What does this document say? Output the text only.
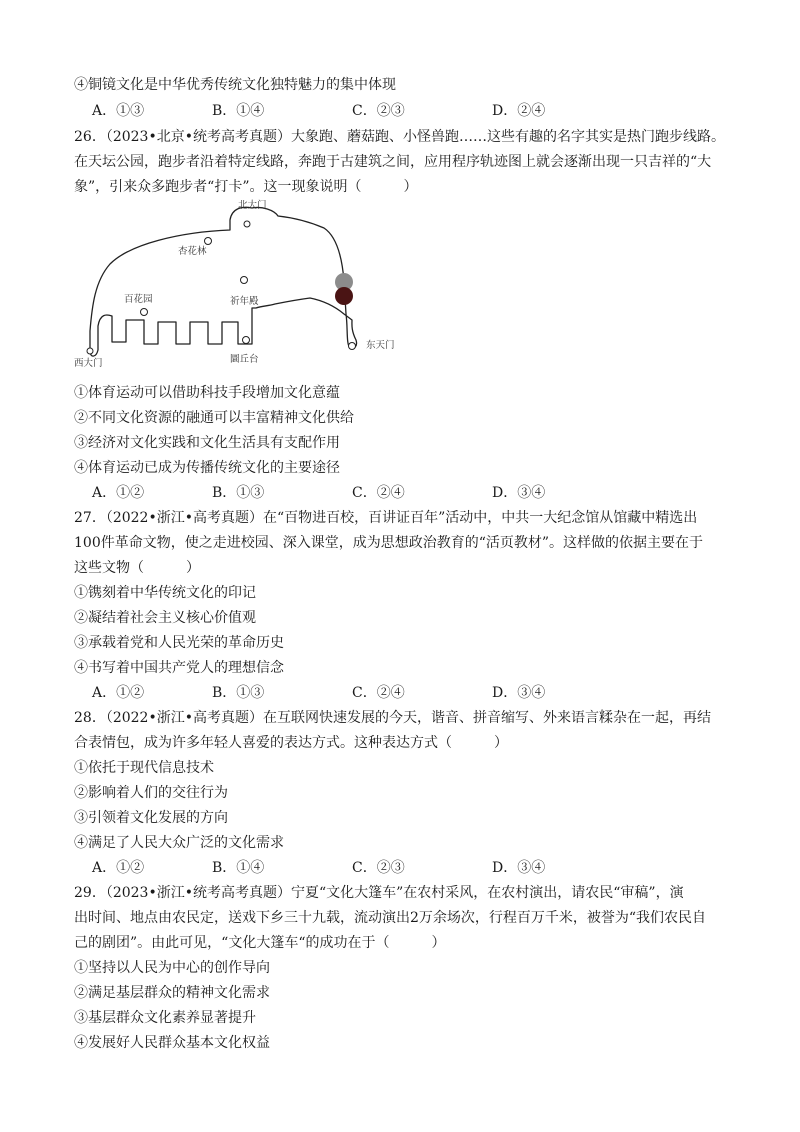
④铜镜文化是中华优秀传统文化独特魅力的集中体现
A．①③	B．①④	C．②③	D．②④
26．（2023•北京•统考高考真题）大象跑、蘑菇跑、小怪兽跑……这些有趣的名字其实是热门跑步线路。
在天坛公园，跑步者沿着特定线路，奔跑于古建筑之间，应用程序轨迹图上就会逐渐出现一只吉祥的“大
象”，引来众多跑步者“打卡”。这一现象说明（　　　）
北大门
杏花林
百花园	祈年殿
西大门	圜丘台
东天门
①体育运动可以借助科技手段增加文化意蕴
②不同文化资源的融通可以丰富精神文化供给
③经济对文化实践和文化生活具有支配作用
④体育运动已成为传播传统文化的主要途径
A．①②	B．①③	C．②④	D．③④
27．（2022•浙江•高考真题）在“百物进百校，百讲证百年”活动中，中共一大纪念馆从馆藏中精选出
100件革命文物，使之走进校园、深入课堂，成为思想政治教育的“活页教材”。这样做的依据主要在于
这些文物（　　　）
①镌刻着中华传统文化的印记
②凝结着社会主义核心价值观
③承载着党和人民光荣的革命历史
④书写着中国共产党人的理想信念
A．①②	B．①③	C．②④	D．③④
28．（2022•浙江•高考真题）在互联网快速发展的今天，谐音、拼音缩写、外来语言糅杂在一起，再结
合表情包，成为许多年轻人喜爱的表达方式。这种表达方式（　　　）
①依托于现代信息技术
②影响着人们的交往行为
③引领着文化发展的方向
④满足了人民大众广泛的文化需求
A．①②	B．①④	C．②③	D．③④
29．（2023•浙江•统考高考真题）宁夏“文化大篷车”在农村采风，在农村演出，请农民“审稿”，演
出时间、地点由农民定，送戏下乡三十九载，流动演出2万余场次，行程百万千米，被誉为“我们农民自
己的剧团”。由此可见，“文化大篷车“的成功在于（　　　）
①坚持以人民为中心的创作导向
②满足基层群众的精神文化需求
③基层群众文化素养显著提升
④发展好人民群众基本文化权益
